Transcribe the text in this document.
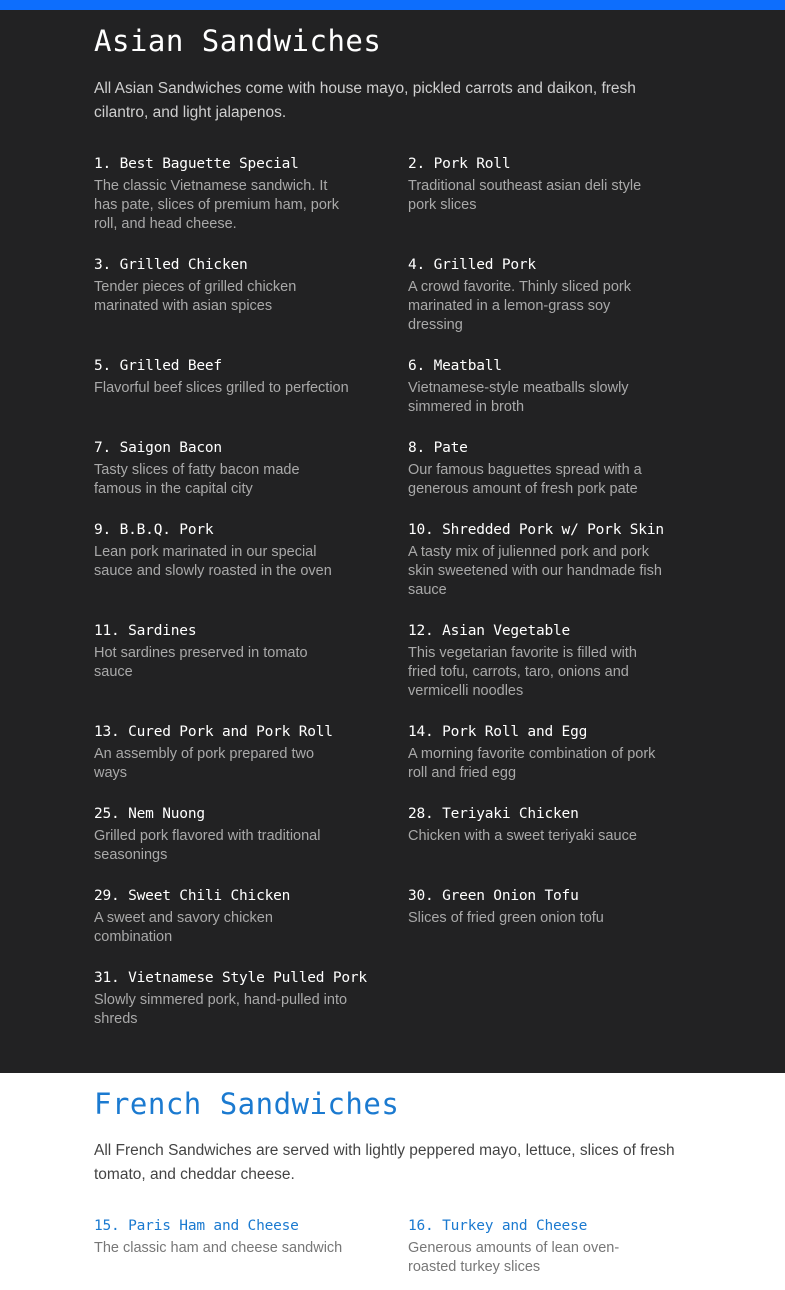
Asian Sandwiches

All Asian Sandwiches come with house mayo, pickled carrots and daikon, fresh cilantro, and light jalapenos.

1. Best Baguette Special
The classic Vietnamese sandwich. It has pate, slices of premium ham, pork roll, and head cheese.
2. Pork Roll
Traditional southeast asian deli style pork slices
3. Grilled Chicken
Tender pieces of grilled chicken marinated with asian spices
4. Grilled Pork
A crowd favorite. Thinly sliced pork marinated in a lemon-grass soy dressing
5. Grilled Beef
Flavorful beef slices grilled to perfection
6. Meatball
Vietnamese-style meatballs slowly simmered in broth
7. Saigon Bacon
Tasty slices of fatty bacon made famous in the capital city
8. Pate
Our famous baguettes spread with a generous amount of fresh pork pate
9. B.B.Q. Pork
Lean pork marinated in our special sauce and slowly roasted in the oven
10. Shredded Pork w/ Pork Skin
A tasty mix of julienned pork and pork skin sweetened with our handmade fish sauce
11. Sardines
Hot sardines preserved in tomato sauce
12. Asian Vegetable
This vegetarian favorite is filled with fried tofu, carrots, taro, onions and vermicelli noodles
13. Cured Pork and Pork Roll
An assembly of pork prepared two ways
14. Pork Roll and Egg
A morning favorite combination of pork roll and fried egg
25. Nem Nuong
Grilled pork flavored with traditional seasonings
28. Teriyaki Chicken
Chicken with a sweet teriyaki sauce
29. Sweet Chili Chicken
A sweet and savory chicken combination
30. Green Onion Tofu
Slices of fried green onion tofu
31. Vietnamese Style Pulled Pork
Slowly simmered pork, hand-pulled into shreds
French Sandwiches

All French Sandwiches are served with lightly peppered mayo, lettuce, slices of fresh tomato, and cheddar cheese.

15. Paris Ham and Cheese
The classic ham and cheese sandwich
16. Turkey and Cheese
Generous amounts of lean oven-roasted turkey slices
